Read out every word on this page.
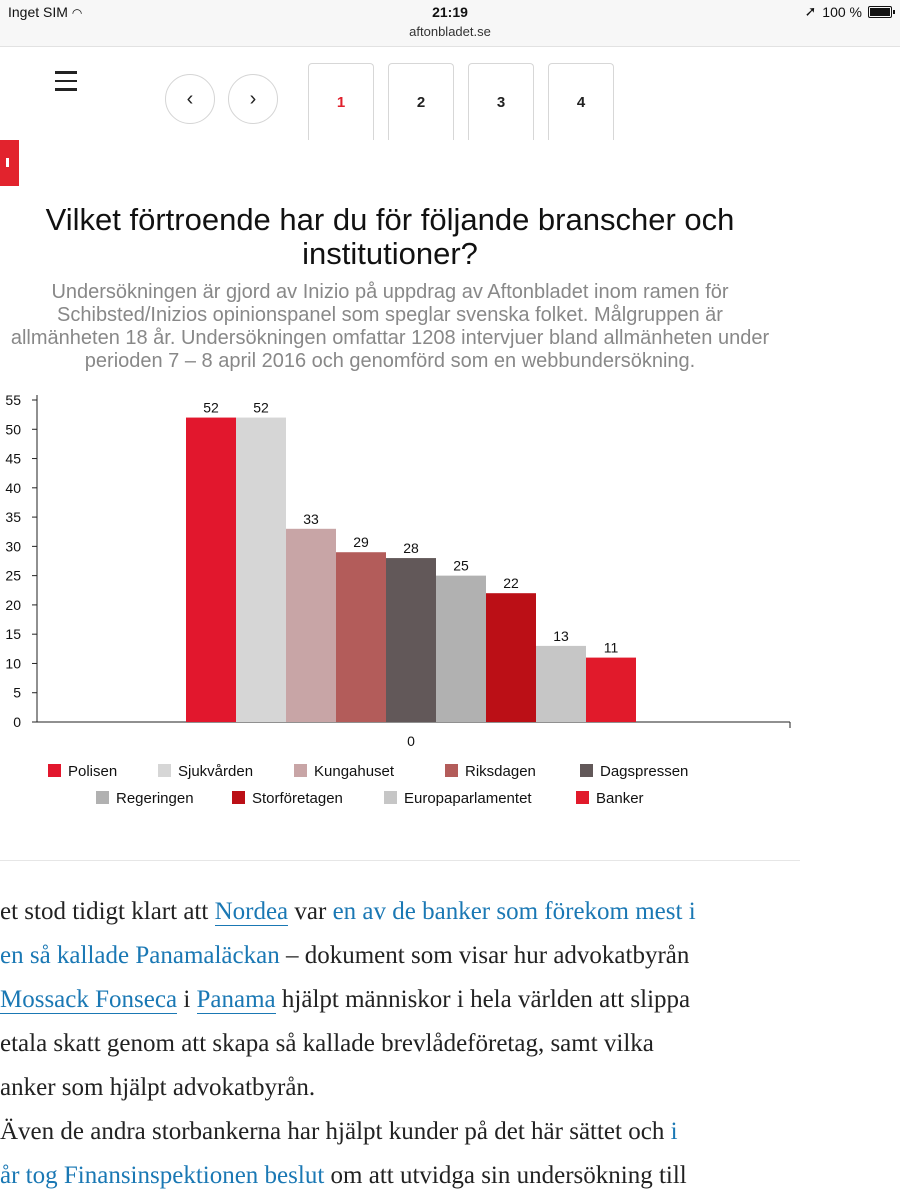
Inget SIM ◠	21:19
aftonbladet.se
➚ 100 %
‹	›	1	2	3	4
Vilket förtroende har du för följande branscher och institutioner?
Undersökningen är gjord av Inizio på uppdrag av Aftonbladet inom ramen för Schibsted/Inizios opinionspanel som speglar svenska folket. Målgruppen är allmänheten 18 år. Undersökningen omfattar 1208 intervjuer bland allmänheten under perioden 7 – 8 april 2016 och genomförd som en webbundersökning.
0
5
10
15
20
25
30
35
40
45
50
55	52 52
33
29 28
25
22
13
11
0
Polisen	Sjukvården	Kungahuset	Riksdagen	Dagspressen
Regeringen	Storföretagen	Europaparlamentet	Banker

et stod tidigt klart att Nordea var en av de banker som förekom mest i
en så kallade Panamaläckan – dokument som visar hur advokatbyrån
Mossack Fonseca i Panama hjälpt människor i hela världen att slippa
etala skatt genom att skapa så kallade brevlådeföretag, samt vilka
anker som hjälpt advokatbyrån.

Även de andra storbankerna har hjälpt kunder på det här sättet och i
år tog Finansinspektionen beslut om att utvidga sin undersökning till
